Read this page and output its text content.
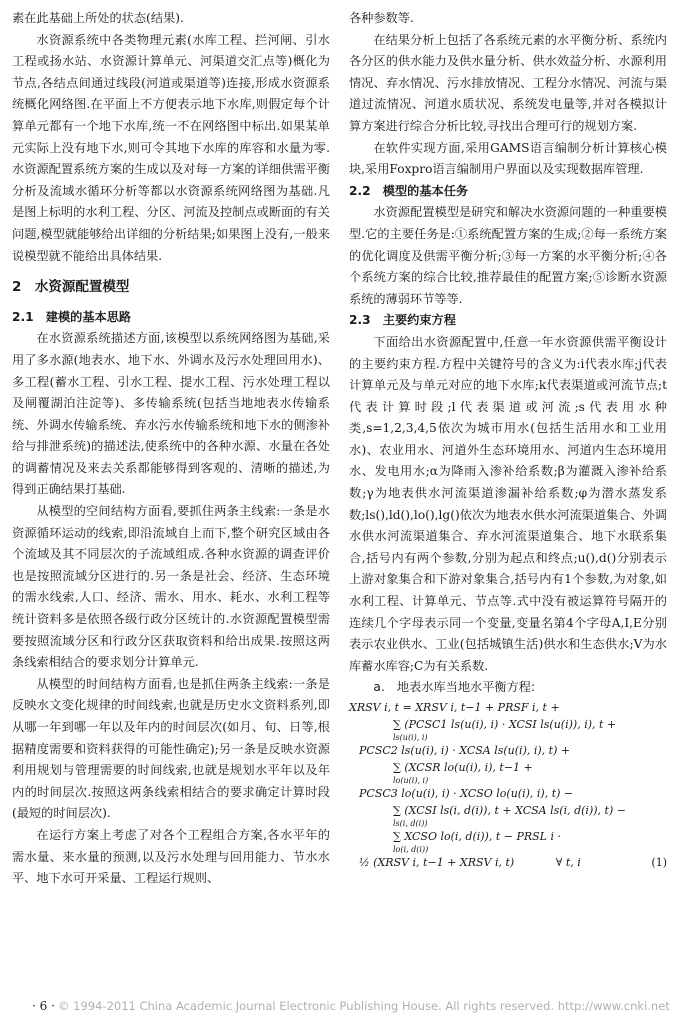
素在此基础上所处的状态(结果).

水资源系统中各类物理元素(水库工程、拦河闸、引水工程或扬水站、水资源计算单元、河渠道交汇点等)概化为节点,各结点间通过线段(河道或渠道等)连接,形成水资源系统概化网络图.在平面上不方便表示地下水库,则假定每个计算单元都有一个地下水库,统一不在网络图中标出.如果某单元实际上没有地下水,则可令其地下水库的库容和水量为零.水资源配置系统方案的生成以及对每一方案的详细供需平衡分析及流域水循环分析等都以水资源系统网络图为基础.凡是图上标明的水利工程、分区、河流及控制点或断面的有关问题,模型就能够给出详细的分析结果;如果图上没有,一般来说模型就不能给出具体结果.

2　水资源配置模型
2.1　建模的基本思路

在水资源系统描述方面,该模型以系统网络图为基础,采用了多水源(地表水、地下水、外调水及污水处理回用水)、多工程(蓄水工程、引水工程、提水工程、污水处理工程以及闸覆湖泊注淀等)、多传输系统(包括当地地表水传输系统、外调水传输系统、弃水污水传输系统和地下水的侧渗补给与排泄系统)的描述法,使系统中的各种水源、水量在各处的调蓄情况及来去关系都能够得到客观的、清晰的描述,为得到正确结果打基础.

从模型的空间结构方面看,要抓住两条主线索:一条是水资源循环运动的线索,即沿流域自上而下,整个研究区域由各个流域及其不同层次的子流域组成.各种水资源的调查评价也是按照流域分区进行的.另一条是社会、经济、生态环境的需水线索,人口、经济、需水、用水、耗水、水利工程等统计资料多是依照各级行政分区统计的.水资源配置模型需要按照流域分区和行政分区获取资料和给出成果.按照这两条线索相结合的要求划分计算单元.

从模型的时间结构方面看,也是抓住两条主线索:一条是反映水文变化规律的时间线索,也就是历史水文资料系列,即从哪一年到哪一年以及年内的时间层次(如月、旬、日等,根据精度需要和资料获得的可能性确定);另一条是反映水资源利用规划与管理需要的时间线索,也就是规划水平年以及年内的时间层次.按照这两条线索相结合的要求确定计算时段(最短的时间层次).

在运行方案上考虑了对各个工程组合方案,各水平年的需水量、来水量的预测,以及污水处理与回用能力、节水水平、地下水可开采量、工程运行规则、

各种参数等.

在结果分析上包括了各系统元素的水平衡分析、系统内各分区的供水能力及供水量分析、供水效益分析、水源利用情况、弃水情况、污水排放情况、工程分水情况、河流与渠道过流情况、河道水质状况、系统发电量等,并对各模拟计算方案进行综合分析比较,寻找出合理可行的规划方案.

在软件实现方面,采用GAMS语言编制分析计算核心模块,采用Foxpro语言编制用户界面以及实现数据库管理.

2.2　模型的基本任务

水资源配置模型是研究和解决水资源问题的一种重要模型.它的主要任务是:①系统配置方案的生成;②每一系统方案的优化调度及供需平衡分析;③每一方案的水平衡分析;④各个系统方案的综合比较,推荐最佳的配置方案;⑤诊断水资源系统的薄弱环节等等.

2.3　主要约束方程

下面给出水资源配置中,任意一年水资源供需平衡设计的主要约束方程.方程中关键符号的含义为:i代表水库;j代表计算单元及与单元对应的地下水库;k代表渠道或河流节点;t代表计算时段;l代表渠道或河流;s代表用水种类,s=1,2,3,4,5依次为城市用水(包括生活用水和工业用水)、农业用水、河道外生态环境用水、河道内生态环境用水、发电用水;α为降雨入渗补给系数;β为灌溉入渗补给系数;γ为地表供水河流渠道渗漏补给系数;φ为潜水蒸发系数;ls(),ld(),lo(),lg()依次为地表水供水河流渠道集合、外调水供水河流渠道集合、弃水河流渠道集合、地下水联系集合,括号内有两个参数,分别为起点和终点;u(),d()分别表示上游对象集合和下游对象集合,括号内有1个参数,为对象,如水利工程、计算单元、节点等.式中没有被运算符号隔开的连续几个字母表示同一个变量,变量名第4个字母A,I,E分别表示农业供水、工业(包括城镇生活)供水和生态供水;V为水库蓄水库容;C为有关系数.

a.　地表水库当地水平衡方程:

XRSV i, t = XRSV i, t−1 + PRSF i, t +
∑ (PCSC1 ls(u(i), i) · XCSI ls(u(i)), i), t +
ls(u(i), i)
PCSC2 ls(u(i), i) · XCSA ls(u(i), i), t) +
∑ (XCSR lo(u(i), i), t−1 +
lo(u(i), i)
PCSC3 lo(u(i), i) · XCSO lo(u(i), i), t) −
∑ (XCSI ls(i, d(i)), t + XCSA ls(i, d(i)), t) −
ls(i, d(i))
∑ XCSO lo(i, d(i)), t − PRSL i ·
lo(i, d(i))
½ (XRSV i, t−1 + XRSV i, t)	∀ t, i	(1)
· 6 · © 1994-2011 China Academic Journal Electronic Publishing House. All rights reserved. http://www.cnki.net
